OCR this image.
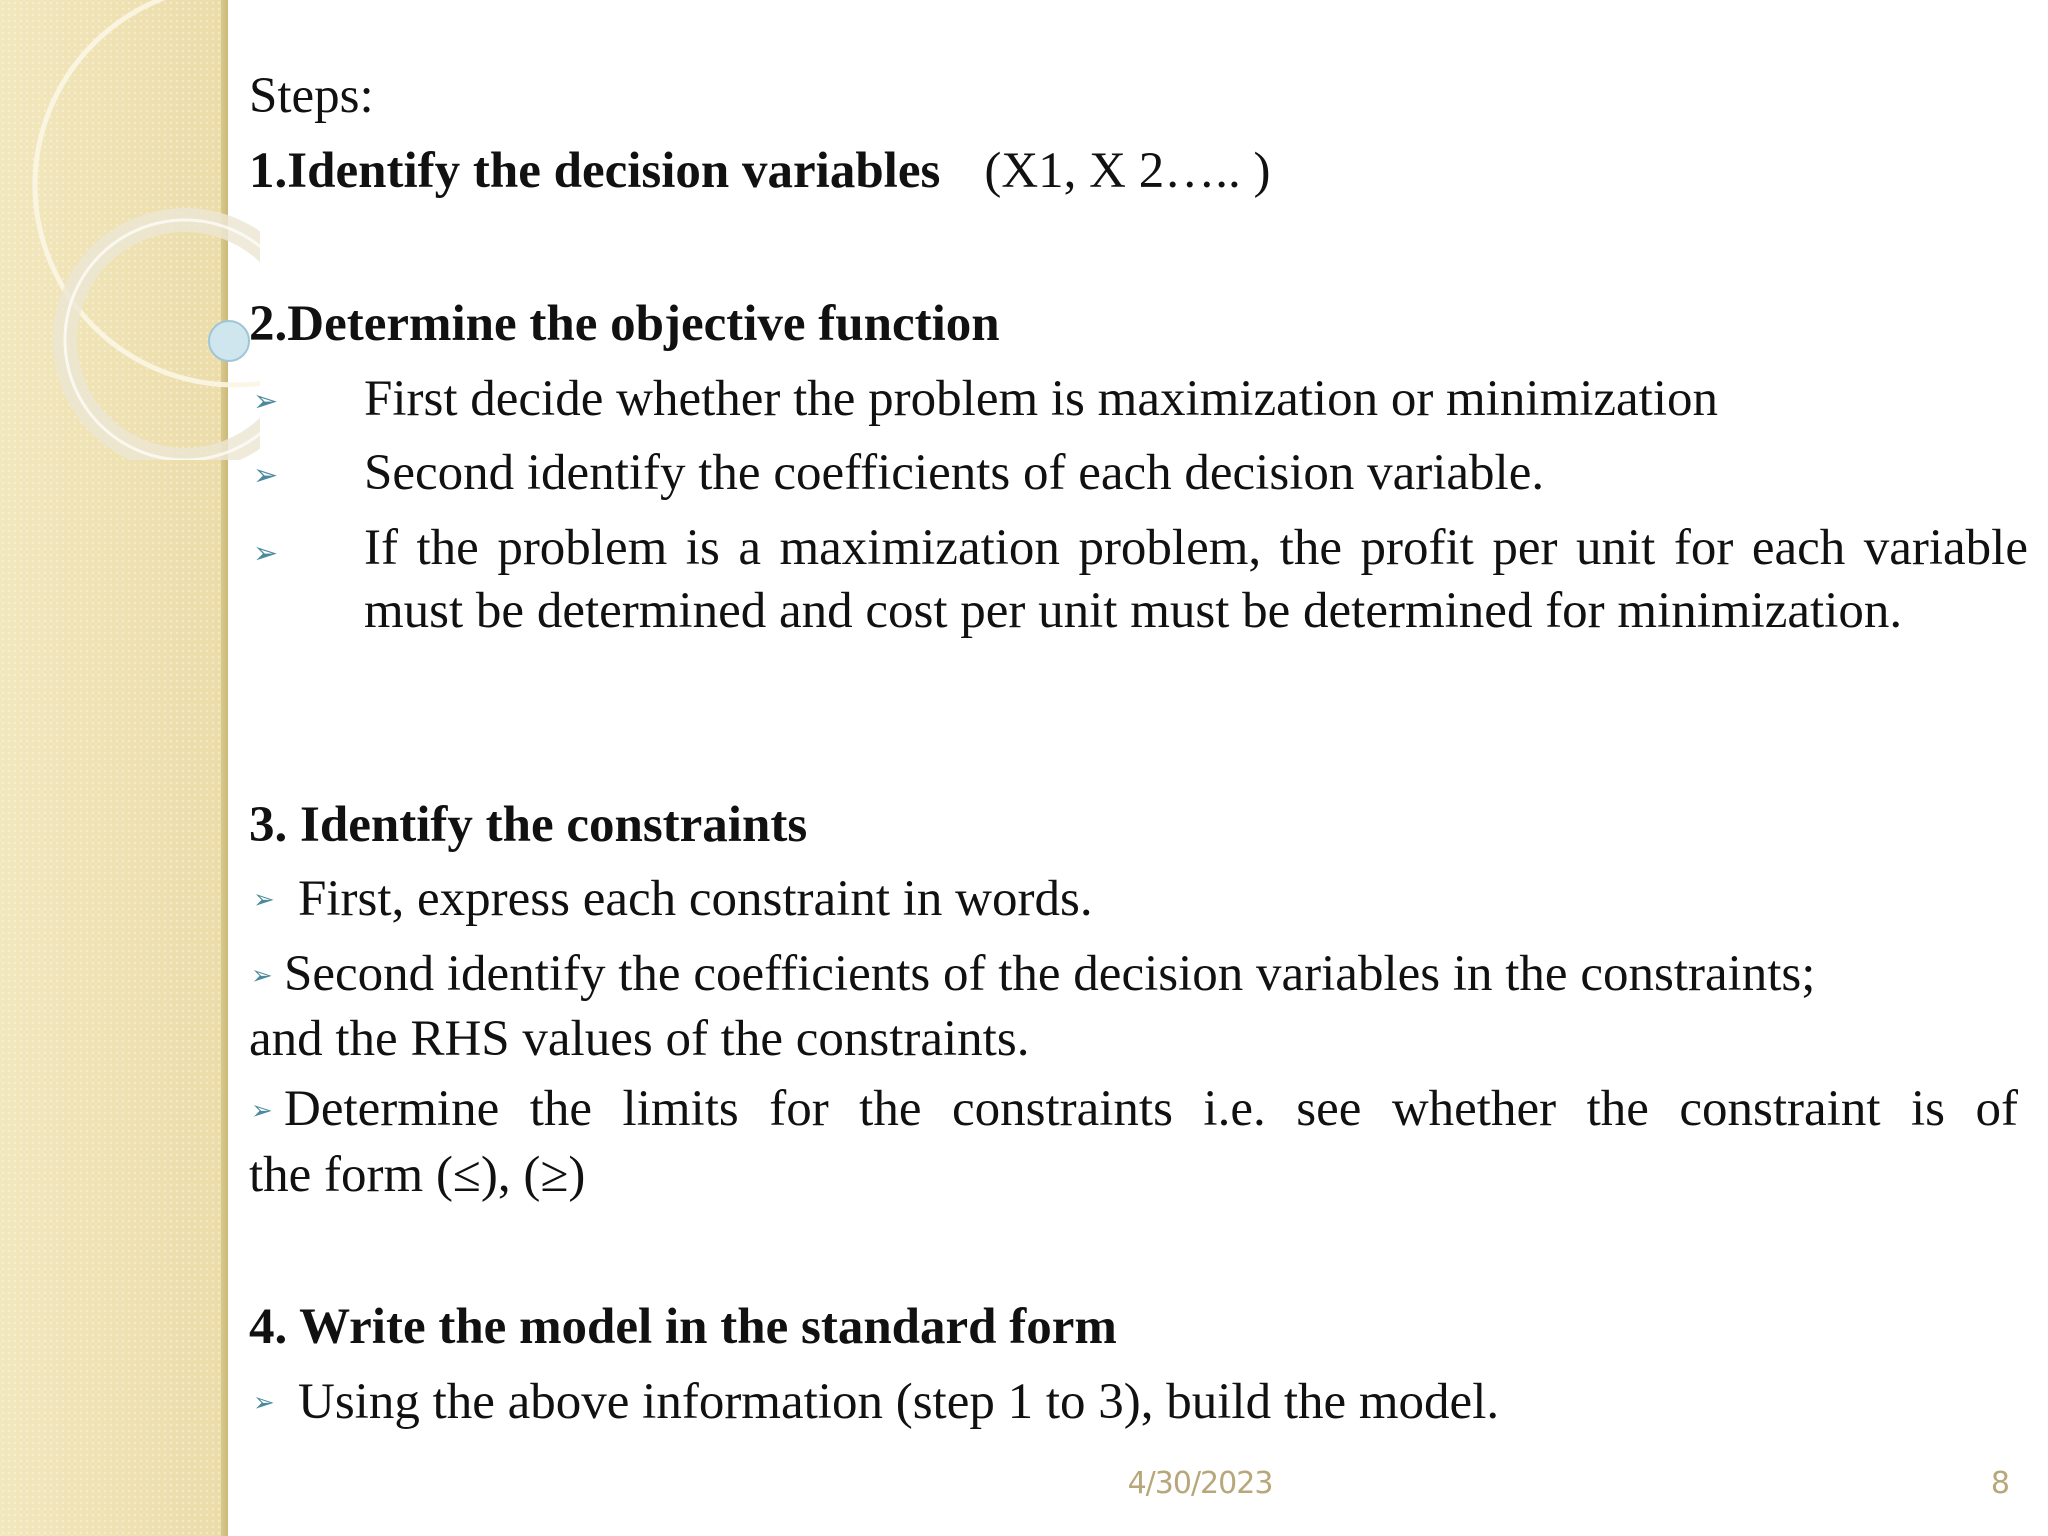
Steps:
1.Identify the decision variables (X1, X 2….. )
2.Determine the objective function
➢ First decide whether the problem is maximization or minimization
➢ Second identify the coefficients of each decision variable.
➢ If the problem is a maximization problem, the profit per unit for each variable must be determined and cost per unit must be determined for minimization.
3. Identify the constraints
➢ First, express each constraint in words.
➢ Second identify the coefficients of the decision variables in the constraints;
and the RHS values of the constraints.
➢ Determine the limits for the constraints i.e. see whether the constraint is of
the form (≤), (≥)
4. Write the model in the standard form
➢ Using the above information (step 1 to 3), build the model.
4/30/2023	8
